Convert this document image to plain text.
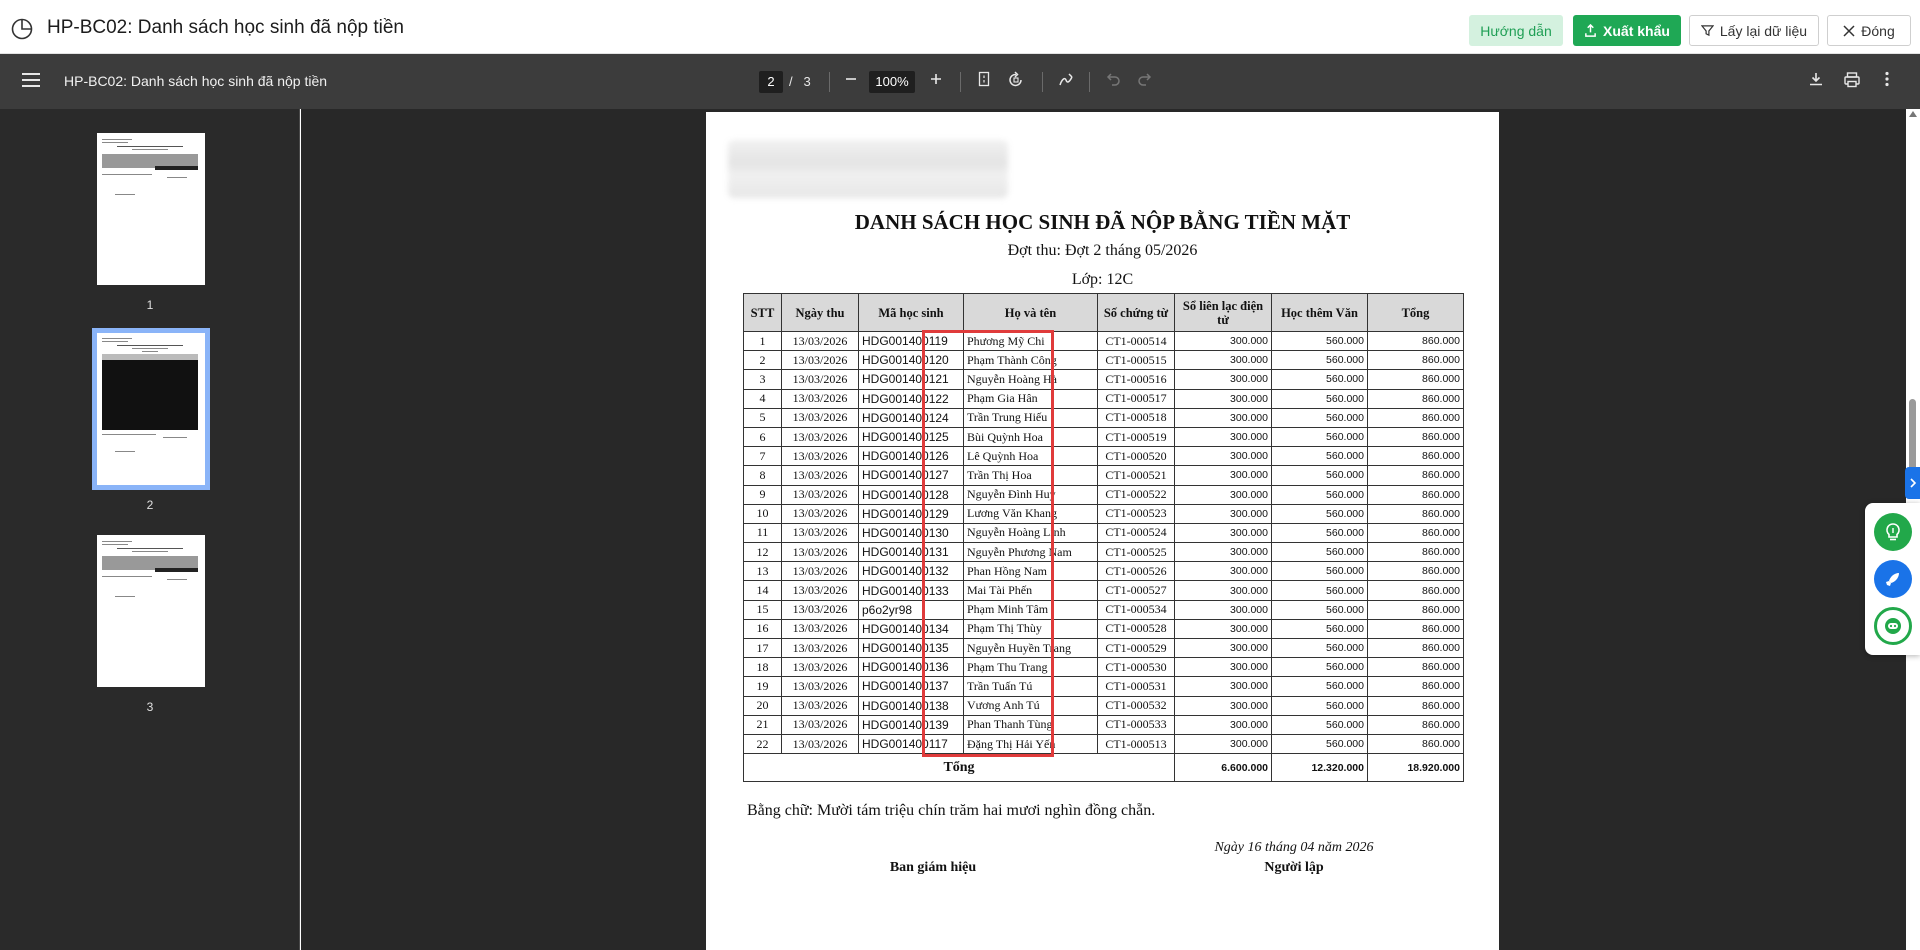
HP-BC02: Danh sách học sinh đã nộp tiền	Hướng dẫn	Xuất khẩu	Lấy lại dữ liệu	Đóng
HP-BC02: Danh sách học sinh đã nộp tiền	2	/ 3	100%
1
2
3
DANH SÁCH HỌC SINH ĐÃ NỘP BẰNG TIỀN MẶT
Đợt thu: Đợt 2 tháng 05/2026
Lớp: 12C
STT	Ngày thu	Mã học sinh	Họ và tên	Số chứng từ	Sổ liên lạc điện tử	Học thêm Văn	Tổng
1	13/03/2026	HDG001400119	Phương Mỹ Chi	CT1-000514	300.000	560.000	860.000
2	13/03/2026	HDG001400120	Phạm Thành Công	CT1-000515	300.000	560.000	860.000
3	13/03/2026	HDG001400121	Nguyễn Hoàng Hà	CT1-000516	300.000	560.000	860.000
4	13/03/2026	HDG001400122	Phạm Gia Hân	CT1-000517	300.000	560.000	860.000
5	13/03/2026	HDG001400124	Trần Trung Hiếu	CT1-000518	300.000	560.000	860.000
6	13/03/2026	HDG001400125	Bùi Quỳnh Hoa	CT1-000519	300.000	560.000	860.000
7	13/03/2026	HDG001400126	Lê Quỳnh Hoa	CT1-000520	300.000	560.000	860.000
8	13/03/2026	HDG001400127	Trần Thị Hoa	CT1-000521	300.000	560.000	860.000
9	13/03/2026	HDG001400128	Nguyễn Đình Huy	CT1-000522	300.000	560.000	860.000
10	13/03/2026	HDG001400129	Lương Văn Khang	CT1-000523	300.000	560.000	860.000
11	13/03/2026	HDG001400130	Nguyễn Hoàng Linh	CT1-000524	300.000	560.000	860.000
12	13/03/2026	HDG001400131	Nguyễn Phương Nam	CT1-000525	300.000	560.000	860.000
13	13/03/2026	HDG001400132	Phan Hồng Nam	CT1-000526	300.000	560.000	860.000
14	13/03/2026	HDG001400133	Mai Tài Phến	CT1-000527	300.000	560.000	860.000
15	13/03/2026	p6o2yr98	Phạm Minh Tâm	CT1-000534	300.000	560.000	860.000
16	13/03/2026	HDG001400134	Phạm Thị Thùy	CT1-000528	300.000	560.000	860.000
17	13/03/2026	HDG001400135	Nguyễn Huyền Trang	CT1-000529	300.000	560.000	860.000
18	13/03/2026	HDG001400136	Phạm Thu Trang	CT1-000530	300.000	560.000	860.000
19	13/03/2026	HDG001400137	Trần Tuấn Tú	CT1-000531	300.000	560.000	860.000
20	13/03/2026	HDG001400138	Vương Anh Tú	CT1-000532	300.000	560.000	860.000
21	13/03/2026	HDG001400139	Phan Thanh Tùng	CT1-000533	300.000	560.000	860.000
22	13/03/2026	HDG001400117	Đặng Thị Hải Yến	CT1-000513	300.000	560.000	860.000
Tổng					6.600.000	12.320.000	18.920.000
Bằng chữ: Mười tám triệu chín trăm hai mươi nghìn đồng chẵn.
Ngày 16 tháng 04 năm 2026
Ban giám hiệu	Người lập
